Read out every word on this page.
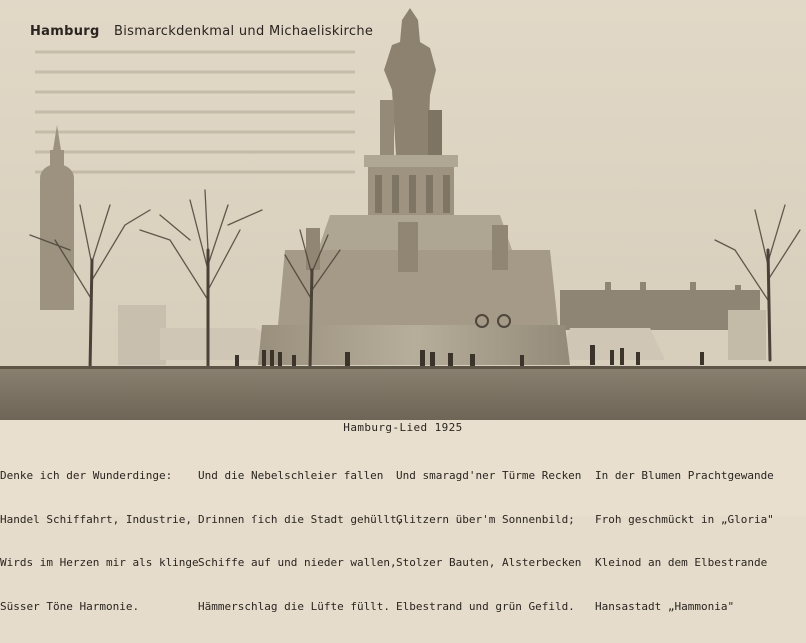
Hamburg Bismarckdenkmal und Michaeliskirche
Hamburg-Lied 1925

Denke ich der Wunderdinge:

Handel Schiffahrt, Industrie,

Wirds im Herzen mir als klinge

Süsser Töne Harmonie.

Und die Nebelschleier fallen

Drinnen ſich die Stadt gehüllt,

Schiffe auf und nieder wallen,

Hämmerschlag die Lüfte füllt.

Und smaragd'ner Türme Recken

Glitzern über'm Sonnenbild;

Stolzer Bauten, Alsterbecken

Elbestrand und grün Gefild.

In der Blumen Prachtgewande

Froh geschmückt in „Gloria"

Kleinod an dem Elbestrande

Hansastadt „Hammonia"
